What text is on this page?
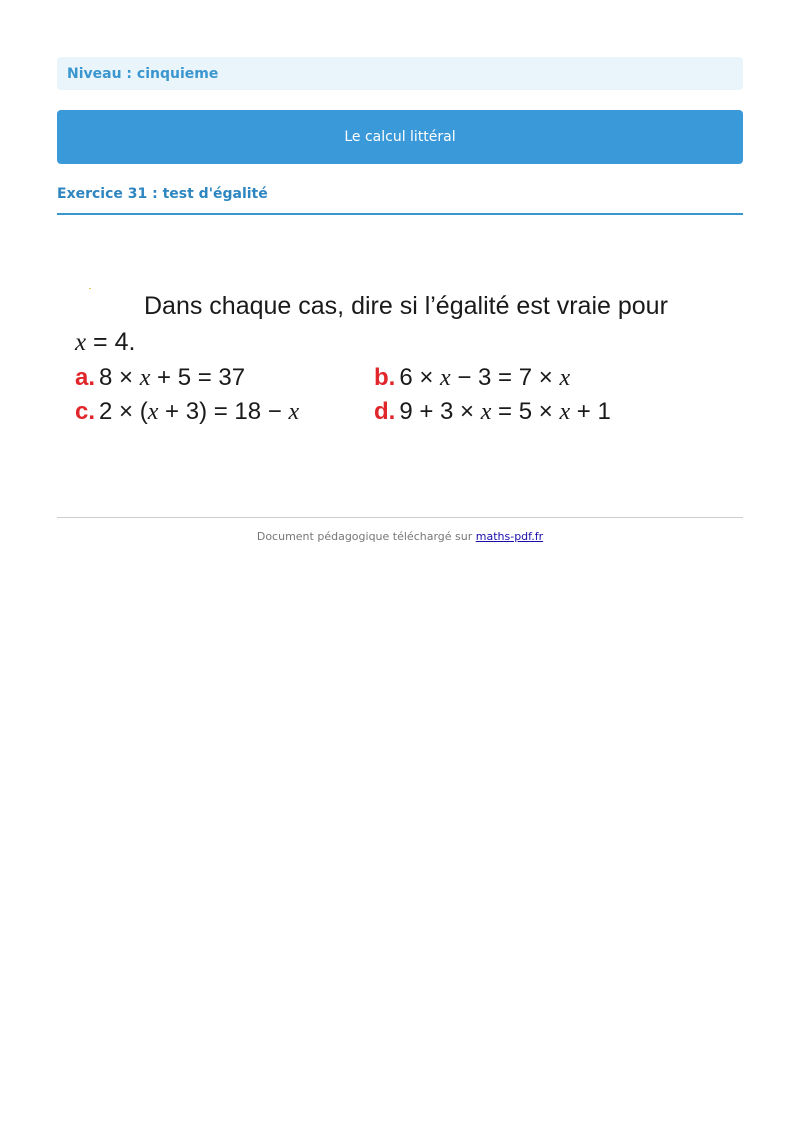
Niveau : cinquieme
Le calcul littéral
Exercice 31 : test d'égalité
Dans chaque cas, dire si l’égalité est vraie pour
x = 4.
a. 8 × x + 5 = 37	b. 6 × x − 3 = 7 × x
c. 2 × (x + 3) = 18 − x	d. 9 + 3 × x = 5 × x + 1
Document pédagogique téléchargé sur maths-pdf.fr
